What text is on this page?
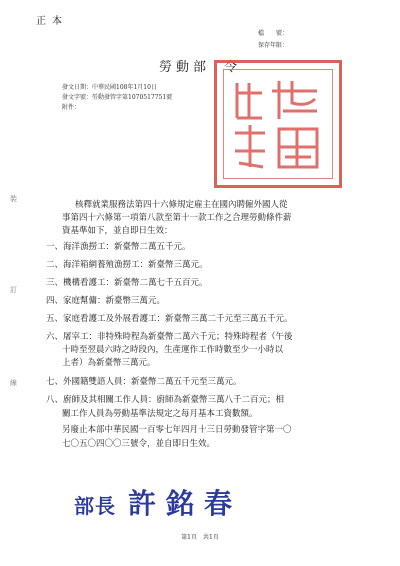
正本
檔　　號：
保存年限：
勞動部 令
發文日期：中華民國108年1月10日
發文字號：勞動發管字第1070517751號
附件：
裝
訂
線
核釋就業服務法第四十六條規定雇主在國內聘僱外國人從
事第四十六條第一項第八款至第十一款工作之合理勞動條件薪
資基準如下，並自即日生效：
一、海洋漁撈工：新臺幣二萬五千元。
二、海洋箱網養殖漁撈工：新臺幣三萬元。
三、機構看護工：新臺幣二萬七千五百元。
四、家庭幫傭：新臺幣三萬元。
五、家庭看護工及外展看護工：新臺幣三萬二千元至三萬五千元。
六、屠宰工：非特殊時程為新臺幣二萬六千元；特殊時程者（午後
十時至翌晨六時之時段內，生產運作工作時數至少一小時以
上者）為新臺幣三萬元。
七、外國籍雙語人員：新臺幣二萬五千元至三萬元。
八、廚師及其相關工作人員：廚師為新臺幣三萬八千二百元；相
關工作人員為勞動基準法規定之每月基本工資數額。
另廢止本部中華民國一百零七年四月十三日勞動發管字第一〇
七〇五〇四〇〇三號令，並自即日生效。
部長 許銘春
第1頁　共1頁
